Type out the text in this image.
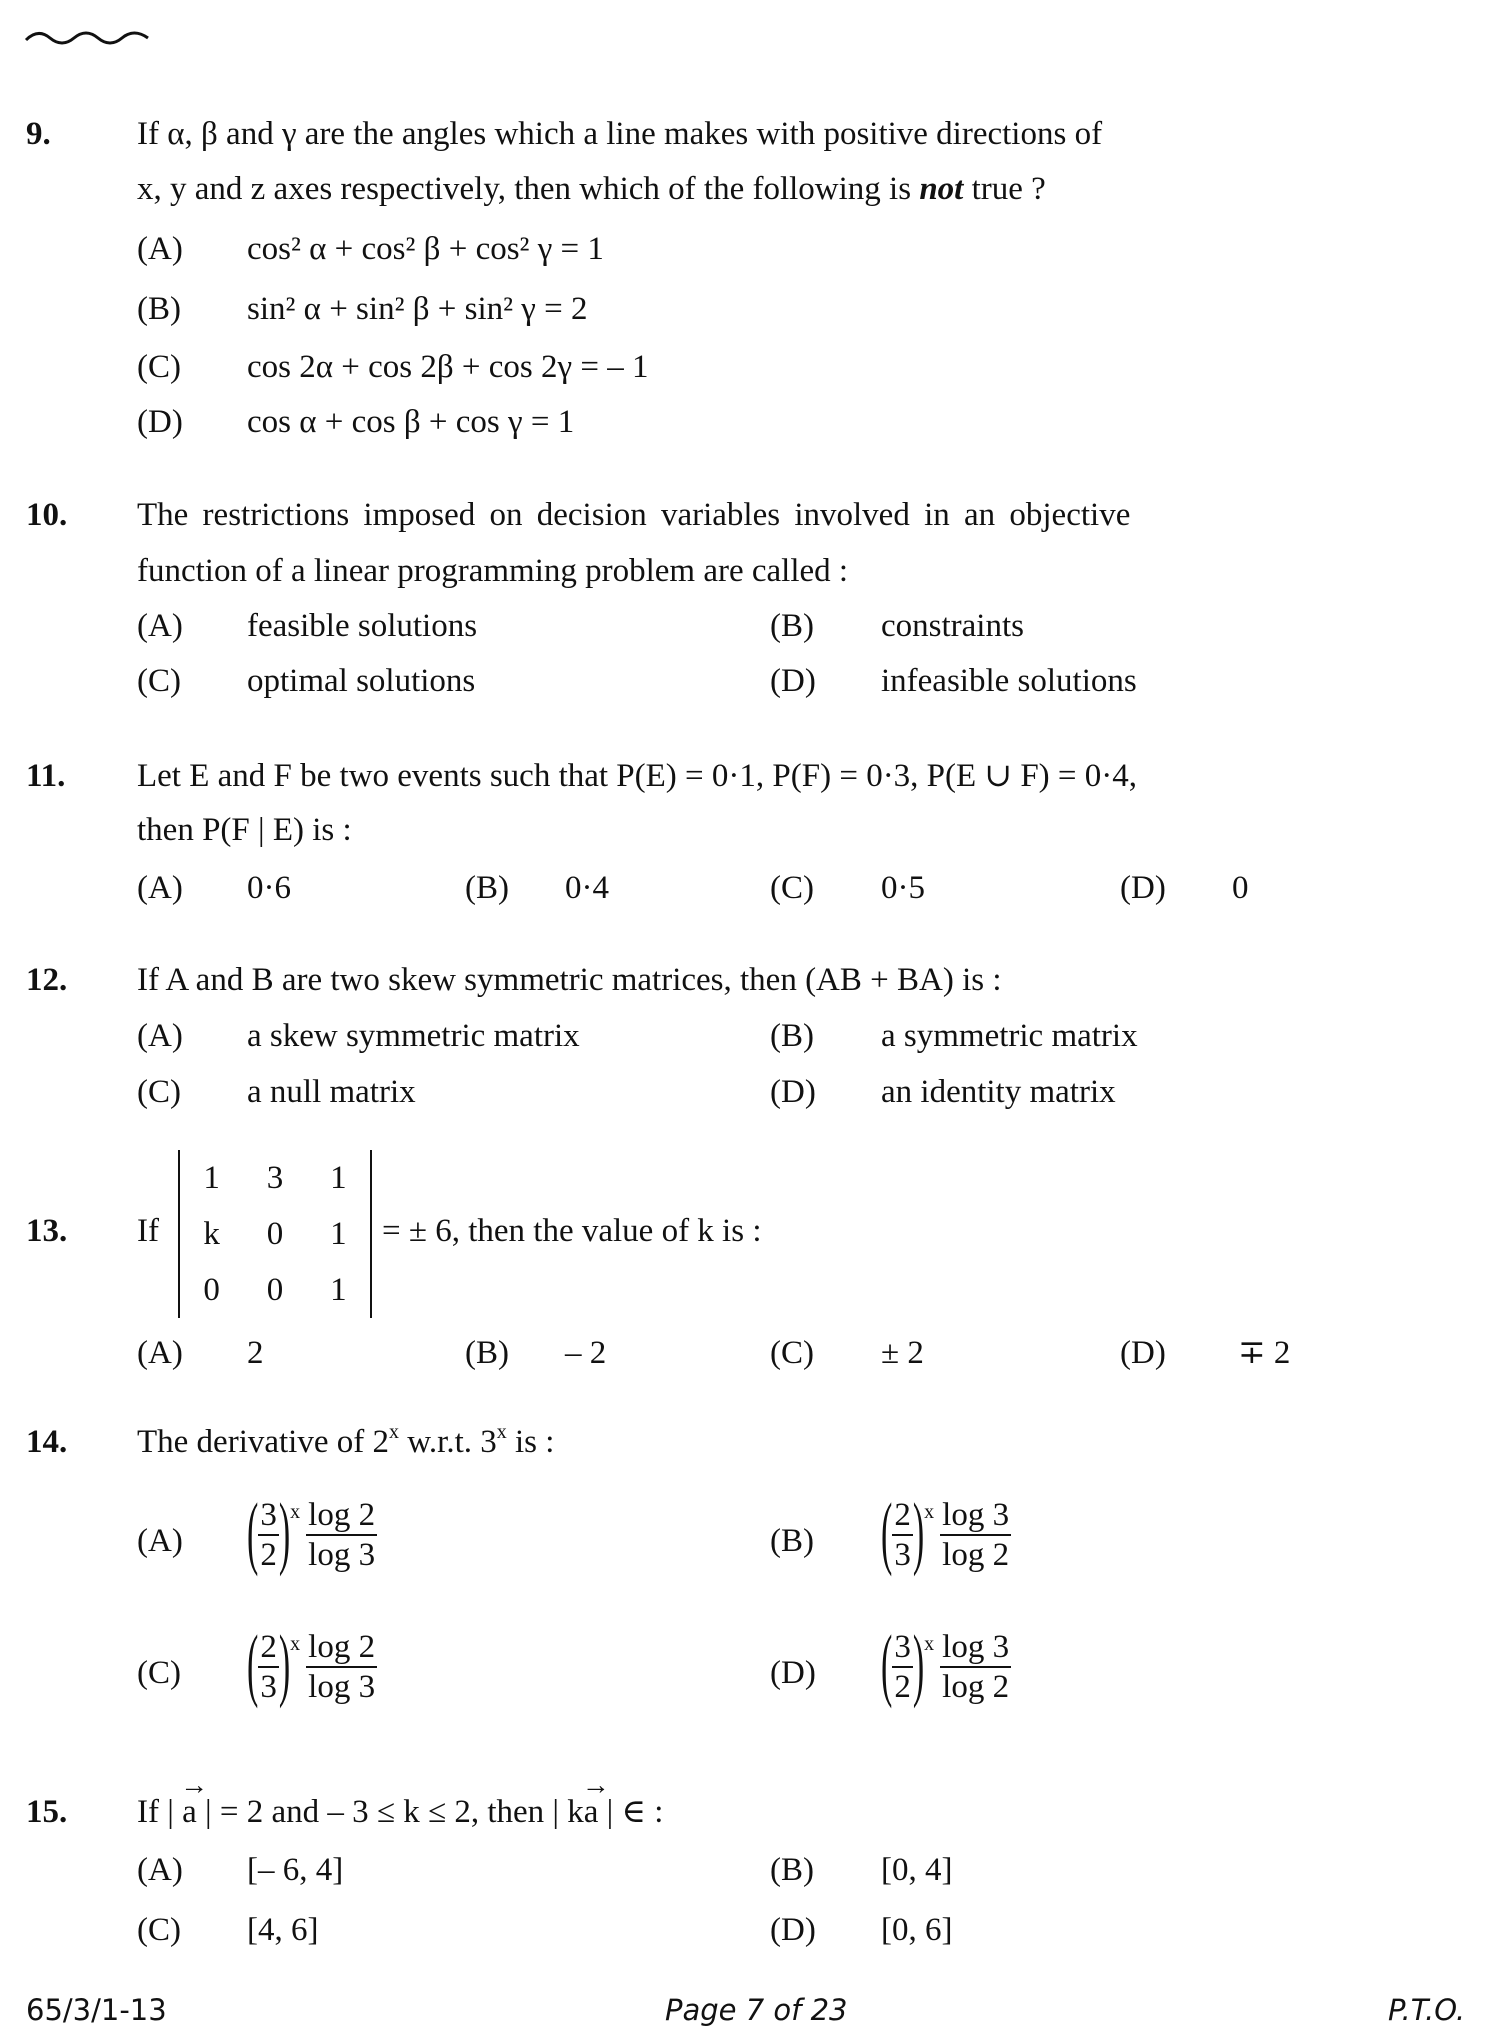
9.	If α, β and γ are the angles which a line makes with positive directions of
x, y and z axes respectively, then which of the following is not true ?
(A) cos² α + cos² β + cos² γ = 1
(B) sin² α + sin² β + sin² γ = 2
(C) cos 2α + cos 2β + cos 2γ = – 1
(D) cos α + cos β + cos γ = 1
10. The restrictions imposed on decision variables involved in an objective
function of a linear programming problem are called :
(A) feasible solutions	(B) constraints
(C) optimal solutions	(D) infeasible solutions
11. Let E and F be two events such that P(E) = 0·1, P(F) = 0·3, P(E ∪ F) = 0·4,
then P(F | E) is :
(A) 0·6	(B) 0·4	(C) 0·5	(D) 0
12. If A and B are two skew symmetric matrices, then (AB + BA) is :
(A) a skew symmetric matrix	(B) a symmetric matrix
(C) a null matrix	(D) an identity matrix
13. If
1 3 1
k 0 1
0 0 1
= ± 6, then the value of k is :
(A) 2	(B) – 2	(C) ± 2	(D) ∓ 2
14. The derivative of 2$^x$ w.r.t. 3$^x$ is :
(A) ( $\frac{3}{2}$ ) x $\frac{\log 2}{\log 3}$	(B) ( $\frac{2}{3}$ ) x $\frac{\log 3}{\log 2}$
(C) ( $\frac{2}{3}$ ) x $\frac{\log 2}{\log 3}$	(D) ( $\frac{3}{2}$ ) x $\frac{\log 3}{\log 2}$
15. If |
→
a | = 2 and – 3 ≤ k ≤ 2, then | k
→
a | ∈ :
(A) [– 6, 4]	(B) [0, 4]
(C) [4, 6]	(D) [0, 6]
65/3/1-13	Page 7 of 23	P.T.O.
